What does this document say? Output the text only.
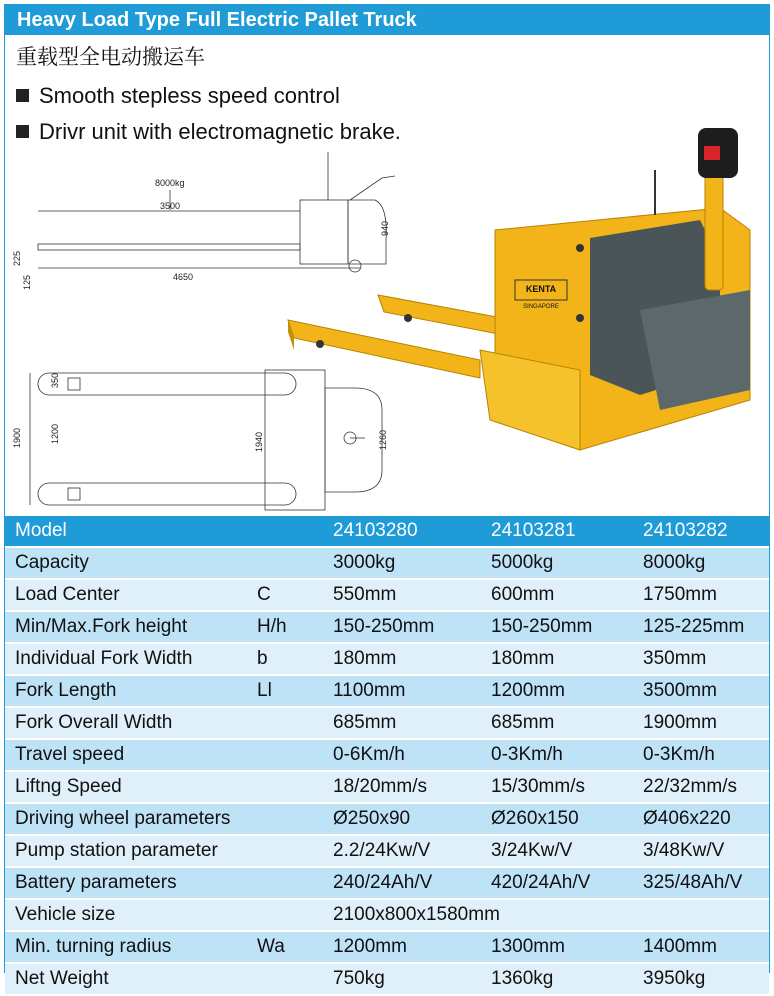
Heavy Load Type Full Electric Pallet Truck
重载型全电动搬运车
Smooth stepless speed control
Drivr unit with electromagnetic brake.
8000kg
3500
4650
940
225
125
1900	1200
350
1940	1260
KENTA
SINGAPORE
Model		24103280	24103281	24103282
Capacity		3000kg	5000kg	8000kg
Load Center	C	550mm	600mm	1750mm
Min/Max.Fork height	H/h	150-250mm	150-250mm	125-225mm
Individual Fork Width	b	180mm	180mm	350mm
Fork Length	Ll	1100mm	1200mm	3500mm
Fork Overall Width		685mm	685mm	1900mm
Travel speed		0-6Km/h	0-3Km/h	0-3Km/h
Liftng Speed		18/20mm/s	15/30mm/s	22/32mm/s
Driving wheel parameters		Ø250x90	Ø260x150	Ø406x220
Pump station parameter		2.2/24Kw/V	3/24Kw/V	3/48Kw/V
Battery parameters		240/24Ah/V	420/24Ah/V	325/48Ah/V
Vehicle size		2100x800x1580mm		
Min. turning radius	Wa	1200mm	1300mm	1400mm
Net Weight		750kg	1360kg	3950kg
